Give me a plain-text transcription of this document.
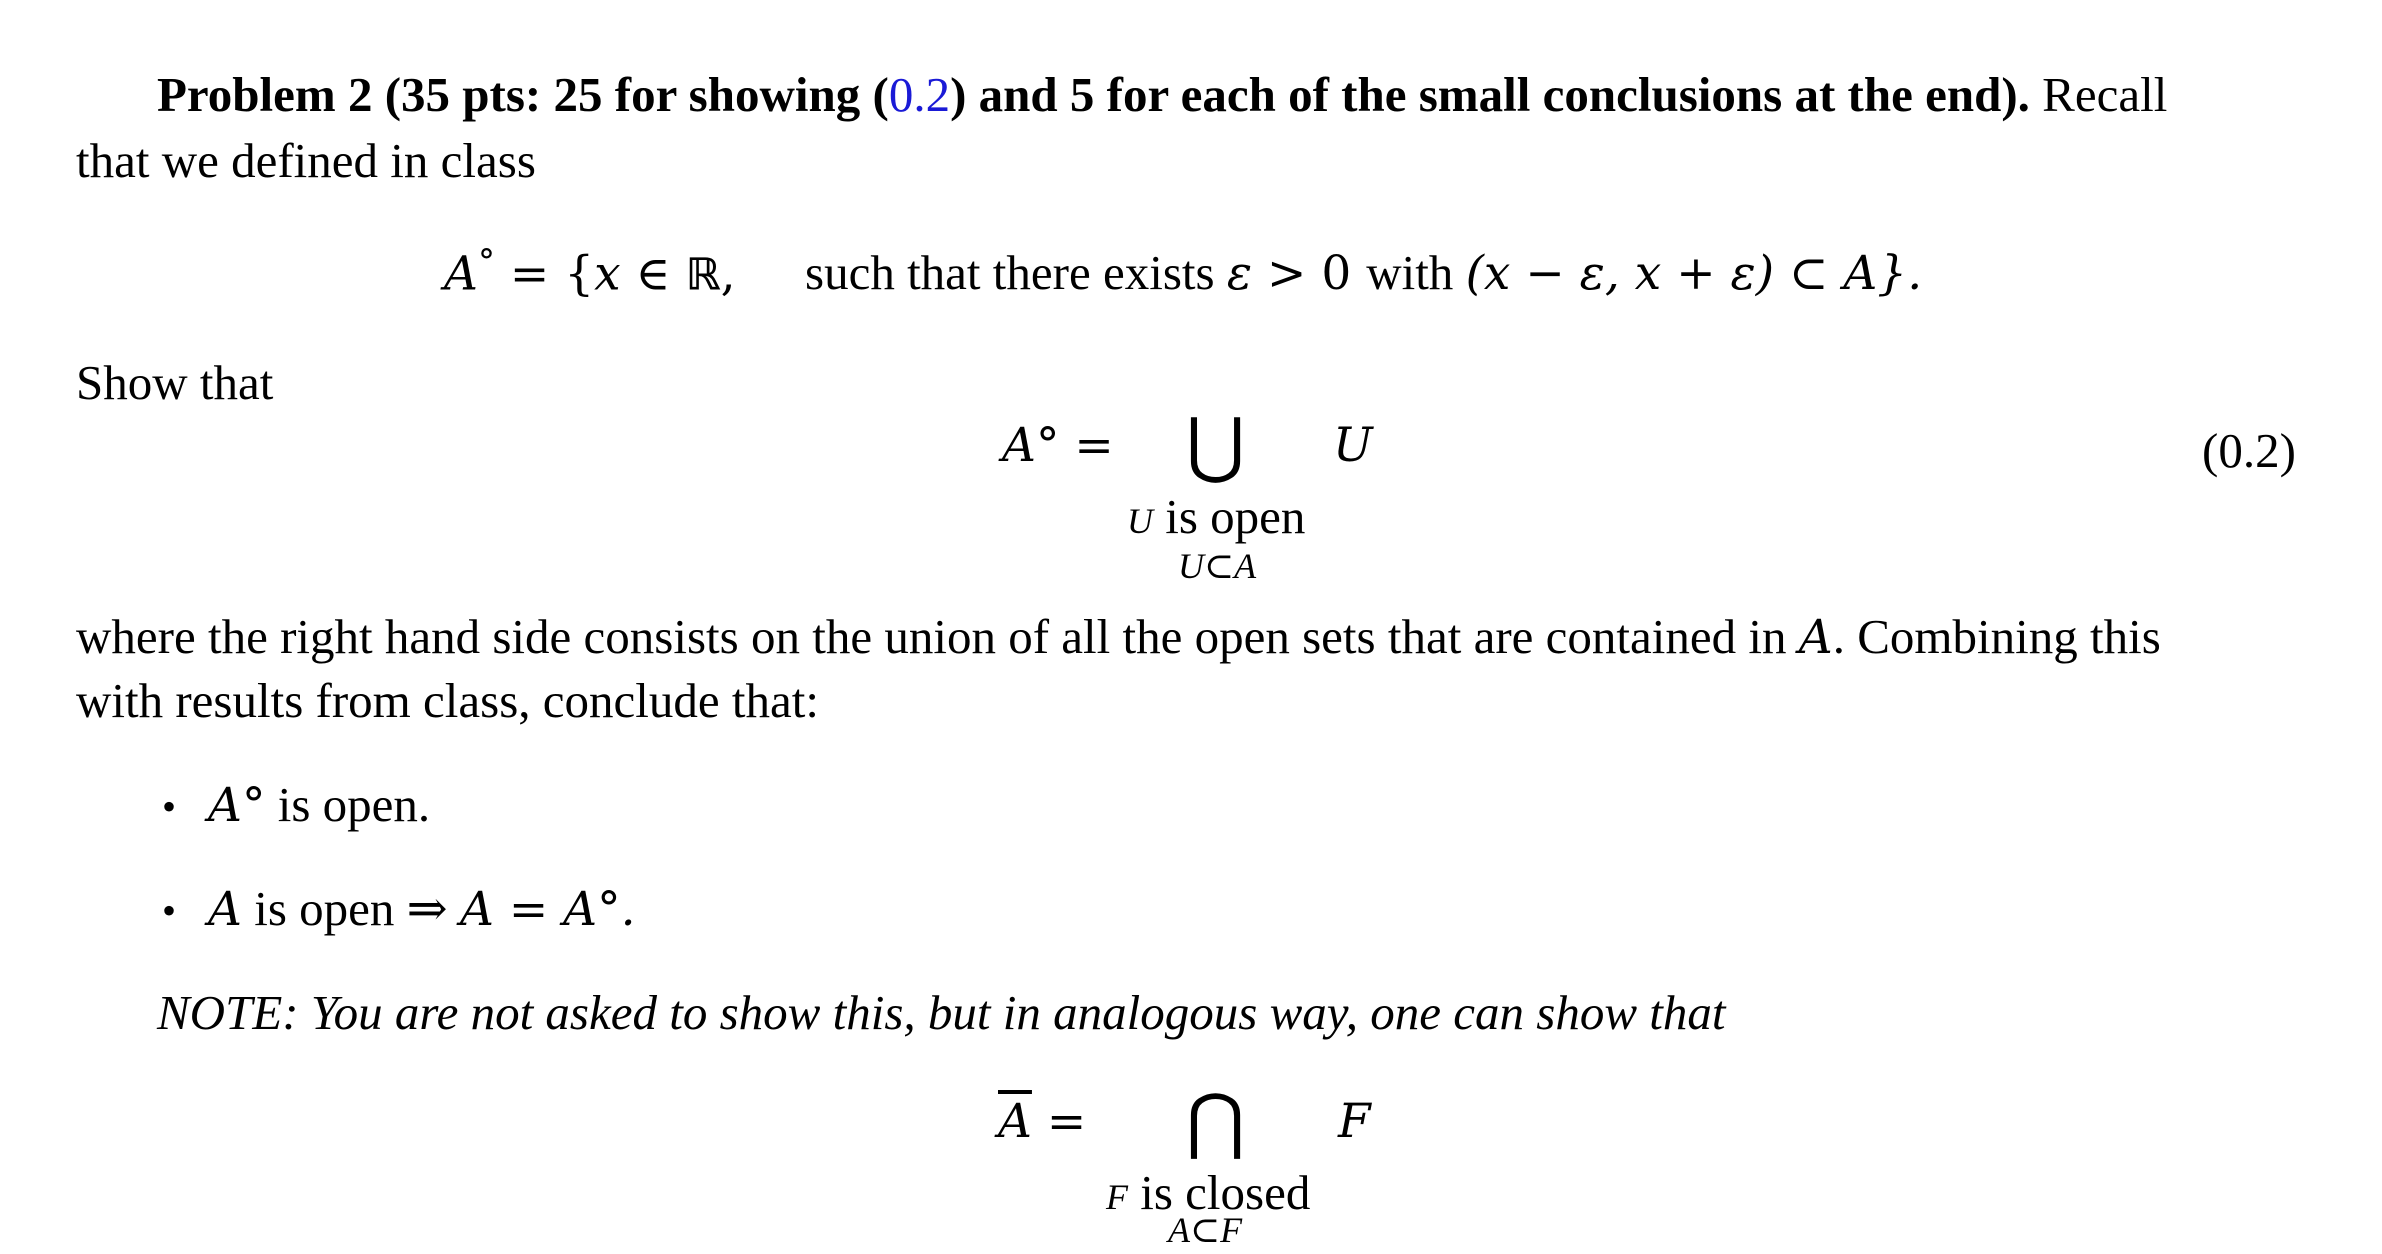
Problem 2 (35 pts: 25 for showing (0.2) and 5 for each of the small conclusions at the end). Recall
that we defined in class
A° = {x ∈ ℝ, such that there exists ε > 0 with (x − ε, x + ε) ⊂ A}.
Show that
A° = ⋃ U
U is open
U⊂A
(0.2)
where the right hand side consists on the union of all the open sets that are contained in A. Combining this
with results from class, conclude that:
• A° is open.
• A is open ⇒ A = A°.
NOTE: You are not asked to show this, but in analogous way, one can show that
$\overline{A}$ = ⋂ F
F is closed
A⊂F
